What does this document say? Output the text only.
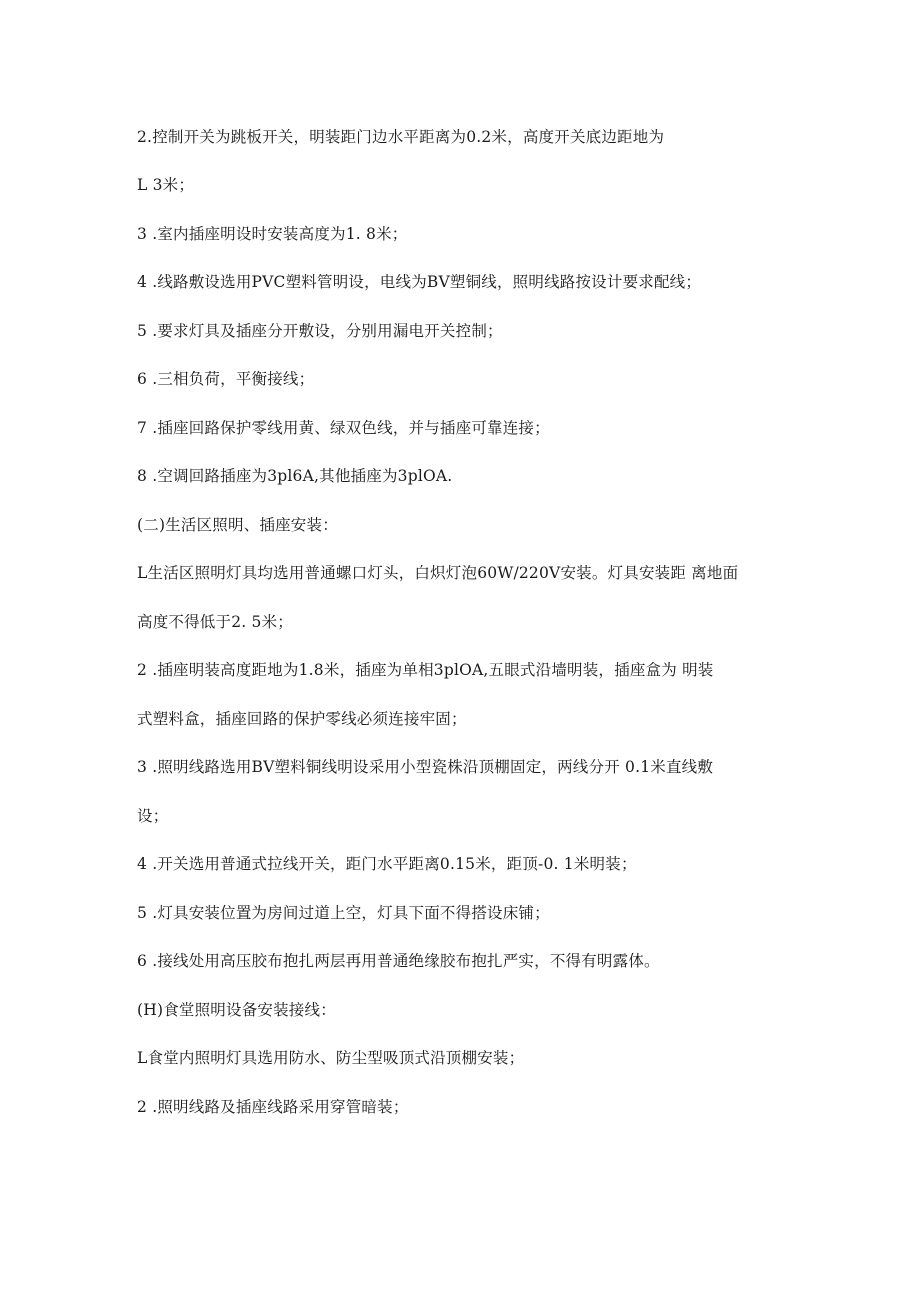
2.控制开关为跳板开关，明装距门边水平距离为0.2米，高度开关底边距地为
L 3米；
3 .室内插座明设时安装高度为1. 8米；
4 .线路敷设选用PVC塑料管明设，电线为BV塑铜线，照明线路按设计要求配线；
5 .要求灯具及插座分开敷设，分别用漏电开关控制；
6 .三相负荷，平衡接线；
7 .插座回路保护零线用黄、绿双色线，并与插座可靠连接；
8 .空调回路插座为3pl6A,其他插座为3plOA.
(二)生活区照明、插座安装：
L生活区照明灯具均选用普通螺口灯头，白炽灯泡60W/220V安装。灯具安装距 离地面
高度不得低于2. 5米；
2 .插座明装高度距地为1.8米，插座为单相3plOA,五眼式沿墙明装，插座盒为 明装
式塑料盒，插座回路的保护零线必须连接牢固；
3 .照明线路选用BV塑料铜线明设采用小型瓷株沿顶棚固定，两线分开 0.1米直线敷
设；
4 .开关选用普通式拉线开关，距门水平距离0.15米，距顶-0. 1米明装；
5 .灯具安装位置为房间过道上空，灯具下面不得搭设床铺；
6 .接线处用高压胶布抱扎两层再用普通绝缘胶布抱扎严实，不得有明露体。
(H)食堂照明设备安装接线：
L食堂内照明灯具选用防水、防尘型吸顶式沿顶棚安装；
2 .照明线路及插座线路采用穿管暗装；
